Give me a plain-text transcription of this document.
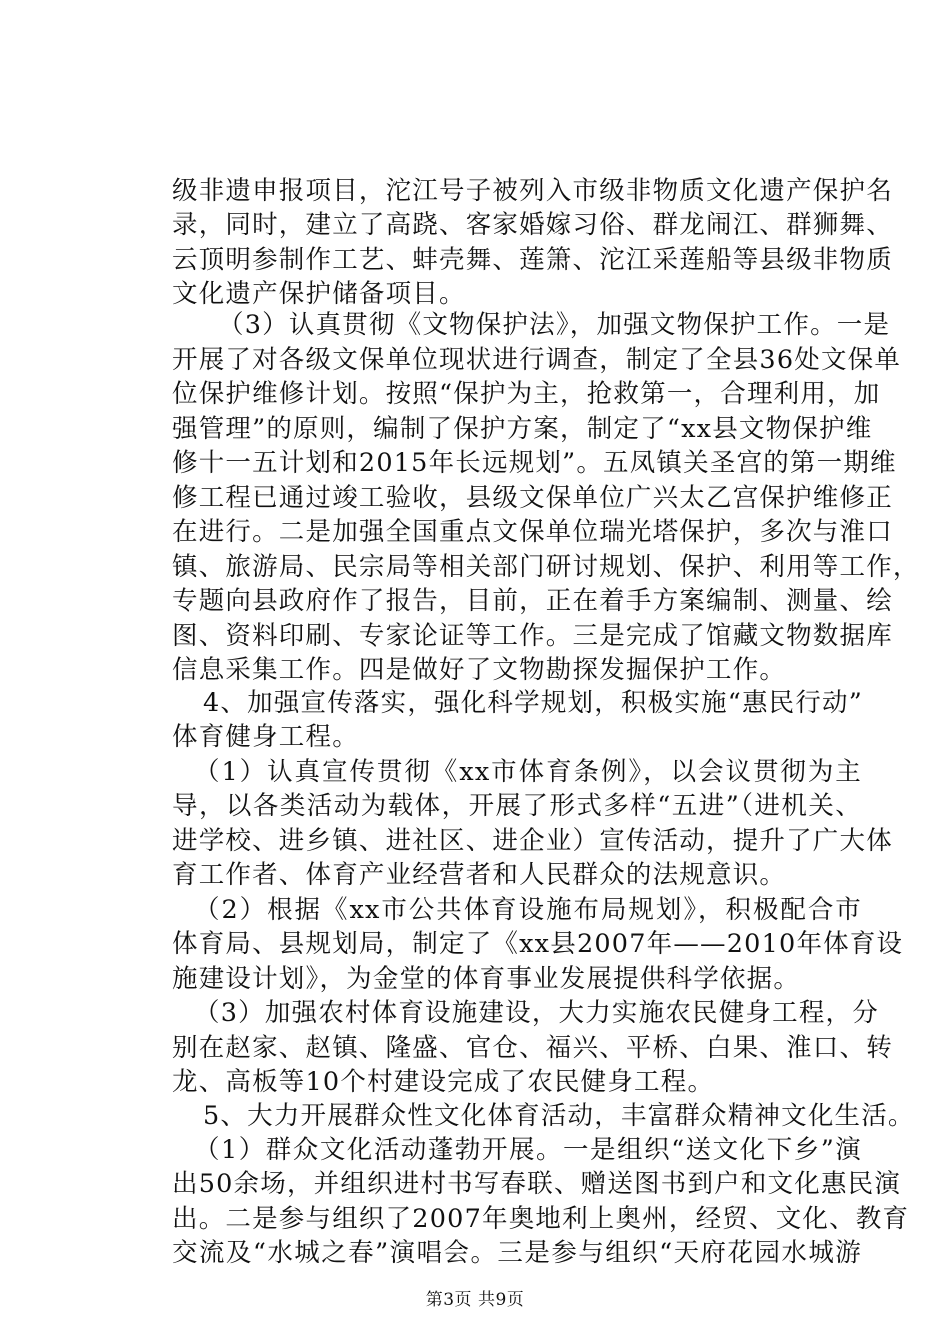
级非遗申报项目，沱江号子被列入市级非物质文化遗产保护名
录，同时，建立了高跷、客家婚嫁习俗、群龙闹江、群狮舞、
云顶明参制作工艺、蚌壳舞、莲箫、沱江采莲船等县级非物质
文化遗产保护储备项目。
（3）认真贯彻《文物保护法》，加强文物保护工作。一是
开展了对各级文保单位现状进行调查，制定了全县36处文保单
位保护维修计划。按照“保护为主，抢救第一，合理利用，加
强管理”的原则，编制了保护方案，制定了“xx县文物保护维
修十一五计划和2015年长远规划”。五凤镇关圣宫的第一期维
修工程已通过竣工验收，县级文保单位广兴太乙宫保护维修正
在进行。二是加强全国重点文保单位瑞光塔保护，多次与淮口
镇、旅游局、民宗局等相关部门研讨规划、保护、利用等工作，
专题向县政府作了报告，目前，正在着手方案编制、测量、绘
图、资料印刷、专家论证等工作。三是完成了馆藏文物数据库
信息采集工作。四是做好了文物勘探发掘保护工作。
4、加强宣传落实，强化科学规划，积极实施“惠民行动”
体育健身工程。
（1）认真宣传贯彻《xx市体育条例》，以会议贯彻为主
导，以各类活动为载体，开展了形式多样“五进”（进机关、
进学校、进乡镇、进社区、进企业）宣传活动，提升了广大体
育工作者、体育产业经营者和人民群众的法规意识。
（2）根据《xx市公共体育设施布局规划》，积极配合市
体育局、县规划局，制定了《xx县2007年——2010年体育设
施建设计划》，为金堂的体育事业发展提供科学依据。
（3）加强农村体育设施建设，大力实施农民健身工程，分
别在赵家、赵镇、隆盛、官仓、福兴、平桥、白果、淮口、转
龙、高板等10个村建设完成了农民健身工程。
5、大力开展群众性文化体育活动，丰富群众精神文化生活。
（1）群众文化活动蓬勃开展。一是组织“送文化下乡”演
出50余场，并组织进村书写春联、赠送图书到户和文化惠民演
出。二是参与组织了2007年奥地利上奥州，经贸、文化、教育
第3页 共9页
交流及“水城之春”演唱会。三是参与组织“天府花园水城游
